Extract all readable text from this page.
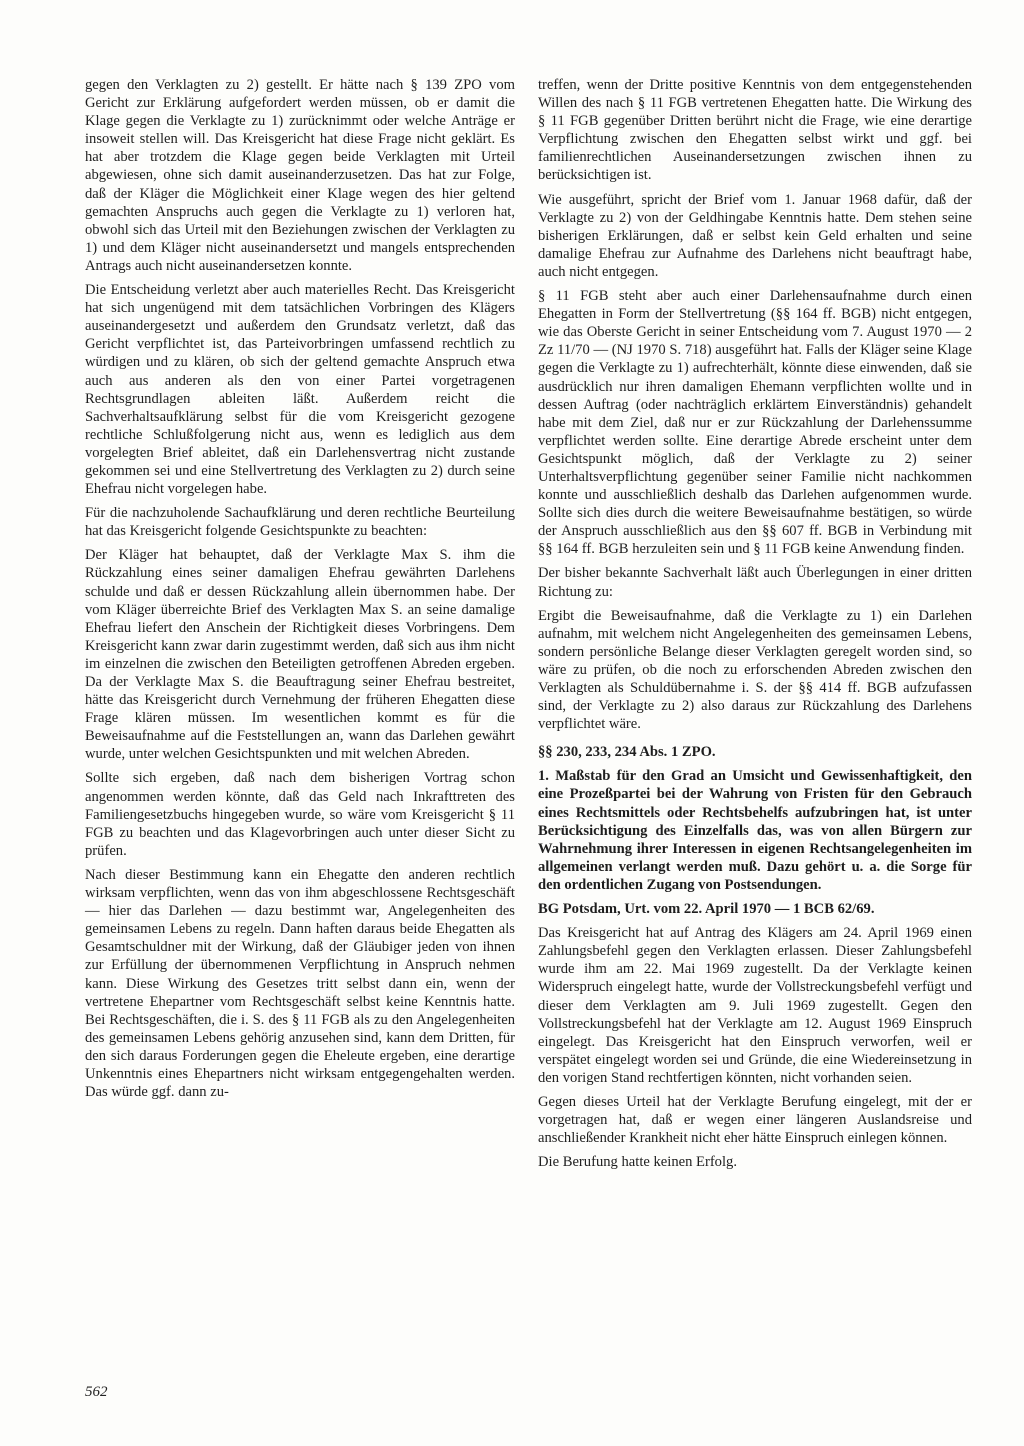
gegen den Verklagten zu 2) gestellt. Er hätte nach § 139 ZPO vom Gericht zur Erklärung aufgefordert werden müssen, ob er damit die Klage gegen die Verklagte zu 1) zurücknimmt oder welche Anträge er insoweit stellen will. Das Kreisgericht hat diese Frage nicht geklärt. Es hat aber trotzdem die Klage gegen beide Verklagten mit Urteil abgewiesen, ohne sich damit auseinanderzusetzen. Das hat zur Folge, daß der Kläger die Möglichkeit einer Klage wegen des hier geltend gemachten Anspruchs auch gegen die Verklagte zu 1) verloren hat, obwohl sich das Urteil mit den Beziehungen zwischen der Verklagten zu 1) und dem Kläger nicht auseinandersetzt und mangels entsprechenden Antrags auch nicht auseinandersetzen konnte.

Die Entscheidung verletzt aber auch materielles Recht. Das Kreisgericht hat sich ungenügend mit dem tatsächlichen Vorbringen des Klägers auseinandergesetzt und außerdem den Grundsatz verletzt, daß das Gericht verpflichtet ist, das Parteivorbringen umfassend rechtlich zu würdigen und zu klären, ob sich der geltend gemachte Anspruch etwa auch aus anderen als den von einer Partei vorgetragenen Rechtsgrundlagen ableiten läßt. Außerdem reicht die Sachverhaltsaufklärung selbst für die vom Kreisgericht gezogene rechtliche Schlußfolgerung nicht aus, wenn es lediglich aus dem vorgelegten Brief ableitet, daß ein Darlehensvertrag nicht zustande gekommen sei und eine Stellvertretung des Verklagten zu 2) durch seine Ehefrau nicht vorgelegen habe.

Für die nachzuholende Sachaufklärung und deren rechtliche Beurteilung hat das Kreisgericht folgende Gesichtspunkte zu beachten:

Der Kläger hat behauptet, daß der Verklagte Max S. ihm die Rückzahlung eines seiner damaligen Ehefrau gewährten Darlehens schulde und daß er dessen Rückzahlung allein übernommen habe. Der vom Kläger überreichte Brief des Verklagten Max S. an seine damalige Ehefrau liefert den Anschein der Richtigkeit dieses Vorbringens. Dem Kreisgericht kann zwar darin zugestimmt werden, daß sich aus ihm nicht im einzelnen die zwischen den Beteiligten getroffenen Abreden ergeben. Da der Verklagte Max S. die Beauftragung seiner Ehefrau bestreitet, hätte das Kreisgericht durch Vernehmung der früheren Ehegatten diese Frage klären müssen. Im wesentlichen kommt es für die Beweisaufnahme auf die Feststellungen an, wann das Darlehen gewährt wurde, unter welchen Gesichtspunkten und mit welchen Abreden.

Sollte sich ergeben, daß nach dem bisherigen Vortrag schon angenommen werden könnte, daß das Geld nach Inkrafttreten des Familiengesetzbuchs hingegeben wurde, so wäre vom Kreisgericht § 11 FGB zu beachten und das Klagevorbringen auch unter dieser Sicht zu prüfen.

Nach dieser Bestimmung kann ein Ehegatte den anderen rechtlich wirksam verpflichten, wenn das von ihm abgeschlossene Rechtsgeschäft — hier das Darlehen — dazu bestimmt war, Angelegenheiten des gemeinsamen Lebens zu regeln. Dann haften daraus beide Ehegatten als Gesamtschuldner mit der Wirkung, daß der Gläubiger jeden von ihnen zur Erfüllung der übernommenen Verpflichtung in Anspruch nehmen kann. Diese Wirkung des Gesetzes tritt selbst dann ein, wenn der vertretene Ehepartner vom Rechtsgeschäft selbst keine Kenntnis hatte. Bei Rechtsgeschäften, die i. S. des § 11 FGB als zu den Angelegenheiten des gemeinsamen Lebens gehörig anzusehen sind, kann dem Dritten, für den sich daraus Forderungen gegen die Eheleute ergeben, eine derartige Unkenntnis eines Ehepartners nicht wirksam entgegengehalten werden. Das würde ggf. dann zu-

treffen, wenn der Dritte positive Kenntnis von dem entgegenstehenden Willen des nach § 11 FGB vertretenen Ehegatten hatte. Die Wirkung des § 11 FGB gegenüber Dritten berührt nicht die Frage, wie eine derartige Verpflichtung zwischen den Ehegatten selbst wirkt und ggf. bei familienrechtlichen Auseinandersetzungen zwischen ihnen zu berücksichtigen ist.

Wie ausgeführt, spricht der Brief vom 1. Januar 1968 dafür, daß der Verklagte zu 2) von der Geldhingabe Kenntnis hatte. Dem stehen seine bisherigen Erklärungen, daß er selbst kein Geld erhalten und seine damalige Ehefrau zur Aufnahme des Darlehens nicht beauftragt habe, auch nicht entgegen.

§ 11 FGB steht aber auch einer Darlehensaufnahme durch einen Ehegatten in Form der Stellvertretung (§§ 164 ff. BGB) nicht entgegen, wie das Oberste Gericht in seiner Entscheidung vom 7. August 1970 — 2 Zz 11/70 — (NJ 1970 S. 718) ausgeführt hat. Falls der Kläger seine Klage gegen die Verklagte zu 1) aufrechterhält, könnte diese einwenden, daß sie ausdrücklich nur ihren damaligen Ehemann verpflichten wollte und in dessen Auftrag (oder nachträglich erklärtem Einverständnis) gehandelt habe mit dem Ziel, daß nur er zur Rückzahlung der Darlehenssumme verpflichtet werden sollte. Eine derartige Abrede erscheint unter dem Gesichtspunkt möglich, daß der Verklagte zu 2) seiner Unterhaltsverpflichtung gegenüber seiner Familie nicht nachkommen konnte und ausschließlich deshalb das Darlehen aufgenommen wurde. Sollte sich dies durch die weitere Beweisaufnahme bestätigen, so würde der Anspruch ausschließlich aus den §§ 607 ff. BGB in Verbindung mit §§ 164 ff. BGB herzuleiten sein und § 11 FGB keine Anwendung finden.

Der bisher bekannte Sachverhalt läßt auch Überlegungen in einer dritten Richtung zu:

Ergibt die Beweisaufnahme, daß die Verklagte zu 1) ein Darlehen aufnahm, mit welchem nicht Angelegenheiten des gemeinsamen Lebens, sondern persönliche Belange dieser Verklagten geregelt worden sind, so wäre zu prüfen, ob die noch zu erforschenden Abreden zwischen den Verklagten als Schuldübernahme i. S. der §§ 414 ff. BGB aufzufassen sind, der Verklagte zu 2) also daraus zur Rückzahlung des Darlehens verpflichtet wäre.

§§ 230, 233, 234 Abs. 1 ZPO.

1. Maßstab für den Grad an Umsicht und Gewissenhaftigkeit, den eine Prozeßpartei bei der Wahrung von Fristen für den Gebrauch eines Rechtsmittels oder Rechtsbehelfs aufzubringen hat, ist unter Berücksichtigung des Einzelfalls das, was von allen Bürgern zur Wahrnehmung ihrer Interessen in eigenen Rechtsangelegenheiten im allgemeinen verlangt werden muß. Dazu gehört u. a. die Sorge für den ordentlichen Zugang von Postsendungen.

BG Potsdam, Urt. vom 22. April 1970 — 1 BCB 62/69.

Das Kreisgericht hat auf Antrag des Klägers am 24. April 1969 einen Zahlungsbefehl gegen den Verklagten erlassen. Dieser Zahlungsbefehl wurde ihm am 22. Mai 1969 zugestellt. Da der Verklagte keinen Widerspruch eingelegt hatte, wurde der Vollstreckungsbefehl verfügt und dieser dem Verklagten am 9. Juli 1969 zugestellt. Gegen den Vollstreckungsbefehl hat der Verklagte am 12. August 1969 Einspruch eingelegt. Das Kreisgericht hat den Einspruch verworfen, weil er verspätet eingelegt worden sei und Gründe, die eine Wiedereinsetzung in den vorigen Stand rechtfertigen könnten, nicht vorhanden seien.

Gegen dieses Urteil hat der Verklagte Berufung eingelegt, mit der er vorgetragen hat, daß er wegen einer längeren Auslandsreise und anschließender Krankheit nicht eher hätte Einspruch einlegen können.

Die Berufung hatte keinen Erfolg.

562
